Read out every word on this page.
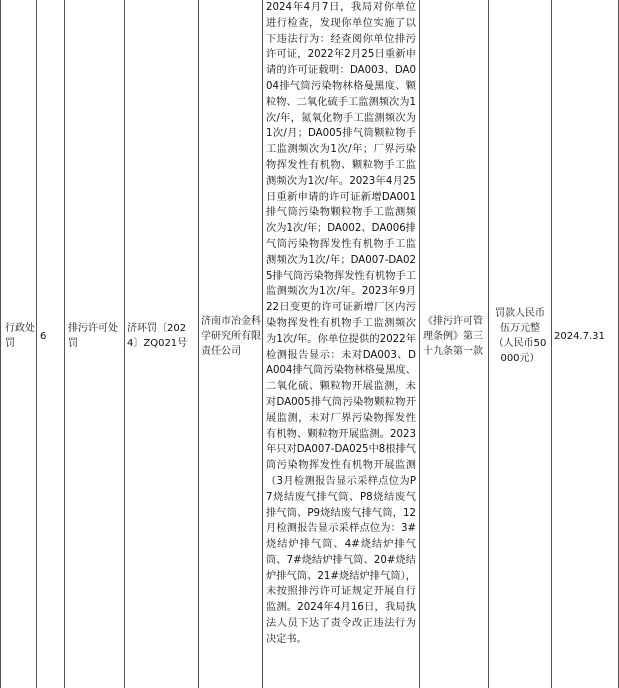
行政处罚
6
排污许可处罚
济环罚〔2024〕ZQ021号
济南市冶金科学研究所有限责任公司
2024年4月7日，我局对你单位进行检查，发现你单位实施了以下违法行为：经查阅你单位排污许可证，2022年2月25日重新申请的许可证载明：DA003、DA004排气筒污染物林格曼黑度、颗粒物、二氧化硫手工监测频次为1次/年，氮氧化物手工监测频次为1次/月；DA005排气筒颗粒物手工监测频次为1次/年；厂界污染物挥发性有机物、颗粒物手工监测频次为1次/年。2023年4月25日重新申请的许可证新增DA001排气筒污染物颗粒物手工监测频次为1次/年；DA002、DA006排气筒污染物挥发性有机物手工监测频次为1次/年；DA007-DA025排气筒污染物挥发性有机物手工监测频次为1次/年。2023年9月22日变更的许可证新增厂区内污染物挥发性有机物手工监测频次为1次/年。你单位提供的2022年检测报告显示：未对DA003、DA004排气筒污染物林格曼黑度、二氧化硫、颗粒物开展监测，未对DA005排气筒污染物颗粒物开展监测，未对厂界污染物挥发性有机物、颗粒物开展监测。2023年只对DA007-DA025中8根排气筒污染物挥发性有机物开展监测（3月检测报告显示采样点位为P7烧结废气排气筒、P8烧结废气排气筒、P9烧结废气排气筒，12月检测报告显示采样点位为：3#烧结炉排气筒、4#烧结炉排气筒、7#烧结炉排气筒、20#烧结炉排气筒、21#烧结炉排气筒），未按照排污许可证规定开展自行监测。2024年4月16日，我局执法人员下达了责令改正违法行为决定书。
《排污许可管理条例》第三十九条第一款
罚款人民币伍万元整（人民币50000元）
2024.7.31
